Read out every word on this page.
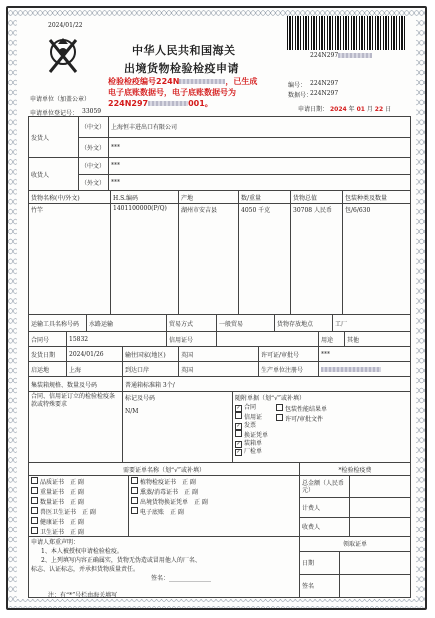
2024/01/22
224N297
中华人民共和国海关
出境货物检验检疫申请
检验检疫编号224N	，已生成
电子底账数据号，电子底账数据号为
224N297	001。
编号： 224N297
数据号：
224N297
申请单位（加盖公章）
申请单位登记号： 33059	申请日期： 2024 年 01 月 22 日
发货人
（中文） 上海恒丰进出口有限公司
（外文） ***
收货人
（中文） ***
（外文） ***
货物名称(中/外文)	H.S.编码	产地	数/重量	货物总值	包装种类及数量
竹竿	1401100000(P/Q)	湖州市安吉县	4050 千克	30708 人民币	包/6/630
运输工具名称号码	水路运输	贸易方式	一般贸易	货物存放地点	工厂
合同号	15832	信用证号	用途	其他
发货日期	2024/01/26	输往国家(地区)	英国	许可证/审批号	***
启运地	上海	到达口岸	英国	生产单位注册号
集装箱规格、数量及号码	普通箱标准箱 3个/
合同、信用证订立的检验检疫条款或特殊要求
标记及号码
N/M
随附单据（划“√”或补填）
✓ 合同
信用证
✓ 发票
换证凭单
✓ 装箱单
✓ 厂检单
包装性能结果单
许可/审批文件
需要证单名称（划“√”或补填）	*检验检疫费
品质证书 正 副
重量证书 正 副
数量证书 正 副
兽医卫生证书 正 副
健康证书 正 副
卫生证书 正 副
植物检疫证书 正 副
熏蒸/消毒证书 正 副
出境货物换证凭单 正 副
电子底账 正 副
总金额（人民币元）
计费人
收费人
申请人郑重声明：
1、本人被授权申请检验检疫。
2、上列填写内容正确属实，货物无伪造或冒用他人的厂名、
标志、认证标志，并承担货物质量责任。
签名：______________
领取证单
日期
签名
注：有“*”号栏由海关填写
